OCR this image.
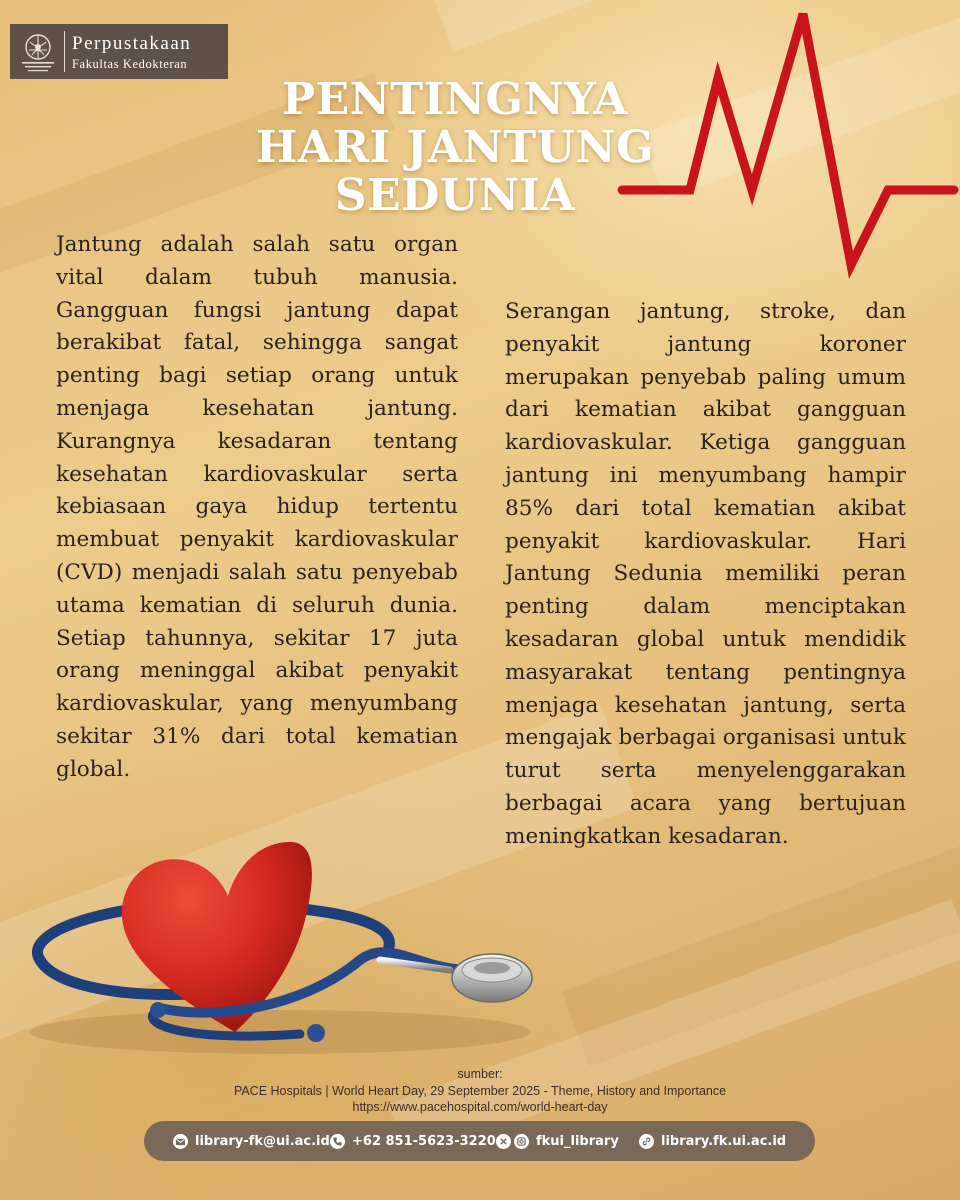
Perpustakaan
Fakultas Kedokteran
PENTINGNYA
HARI JANTUNG
SEDUNIA

Jantung adalah salah satu organ vital dalam tubuh manusia. Gangguan fungsi jantung dapat berakibat fatal, sehingga sangat penting bagi setiap orang untuk menjaga kesehatan jantung. Kurangnya kesadaran tentang kesehatan kardiovaskular serta kebiasaan gaya hidup tertentu membuat penyakit kardiovaskular (CVD) menjadi salah satu penyebab utama kematian di seluruh dunia. Setiap tahunnya, sekitar 17 juta orang meninggal akibat penyakit kardiovaskular, yang menyumbang sekitar 31% dari total kematian global.

Serangan jantung, stroke, dan penyakit jantung koroner merupakan penyebab paling umum dari kematian akibat gangguan kardiovaskular. Ketiga gangguan jantung ini menyumbang hampir 85% dari total kematian akibat penyakit kardiovaskular. Hari Jantung Sedunia memiliki peran penting dalam menciptakan kesadaran global untuk mendidik masyarakat tentang pentingnya menjaga kesehatan jantung, serta mengajak berbagai organisasi untuk turut serta menyelenggarakan berbagai acara yang bertujuan meningkatkan kesadaran.

sumber:
PACE Hospitals | World Heart Day, 29 September 2025 - Theme, History and Importance
https://www.pacehospital.com/world-heart-day
library-fk@ui.ac.id +62 851-5623-3220	fkui_library	library.fk.ui.ac.id
